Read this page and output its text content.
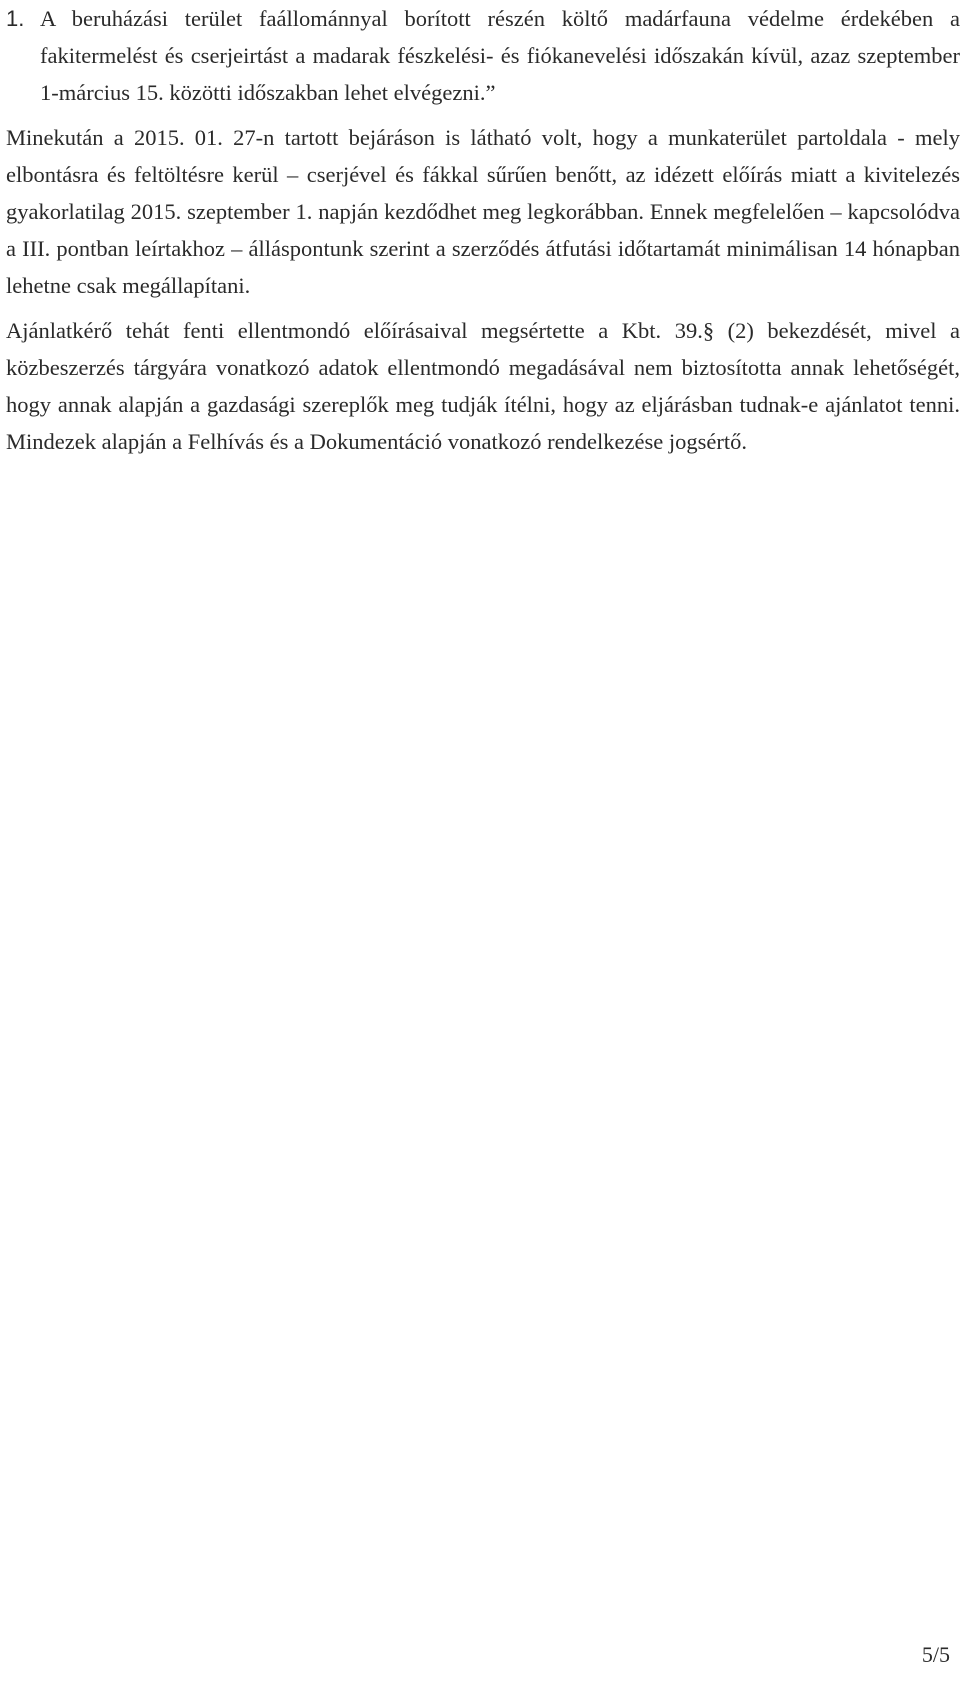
1. A beruházási terület faállománnyal borított részén költő madárfauna védelme érdekében a fakitermelést és cserjeirtást a madarak fészkelési- és fiókanevelési időszakán kívül, azaz szeptember 1-március 15. közötti időszakban lehet elvégezni.”

Minekután a 2015. 01. 27-n tartott bejáráson is látható volt, hogy a munkaterület partoldala - mely elbontásra és feltöltésre kerül – cserjével és fákkal sűrűen benőtt, az idézett előírás miatt a kivitelezés gyakorlatilag 2015. szeptember 1. napján kezdődhet meg legkorábban. Ennek megfelelően – kapcsolódva a III. pontban leírtakhoz – álláspontunk szerint a szerződés átfutási időtartamát minimálisan 14 hónapban lehetne csak megállapítani.

Ajánlatkérő tehát fenti ellentmondó előírásaival megsértette a Kbt. 39.§ (2) bekezdését, mivel a közbeszerzés tárgyára vonatkozó adatok ellentmondó megadásával nem biztosította annak lehetőségét, hogy annak alapján a gazdasági szereplők meg tudják ítélni, hogy az eljárásban tudnak-e ajánlatot tenni. Mindezek alapján a Felhívás és a Dokumentáció vonatkozó rendelkezése jogsértő.

5/5
